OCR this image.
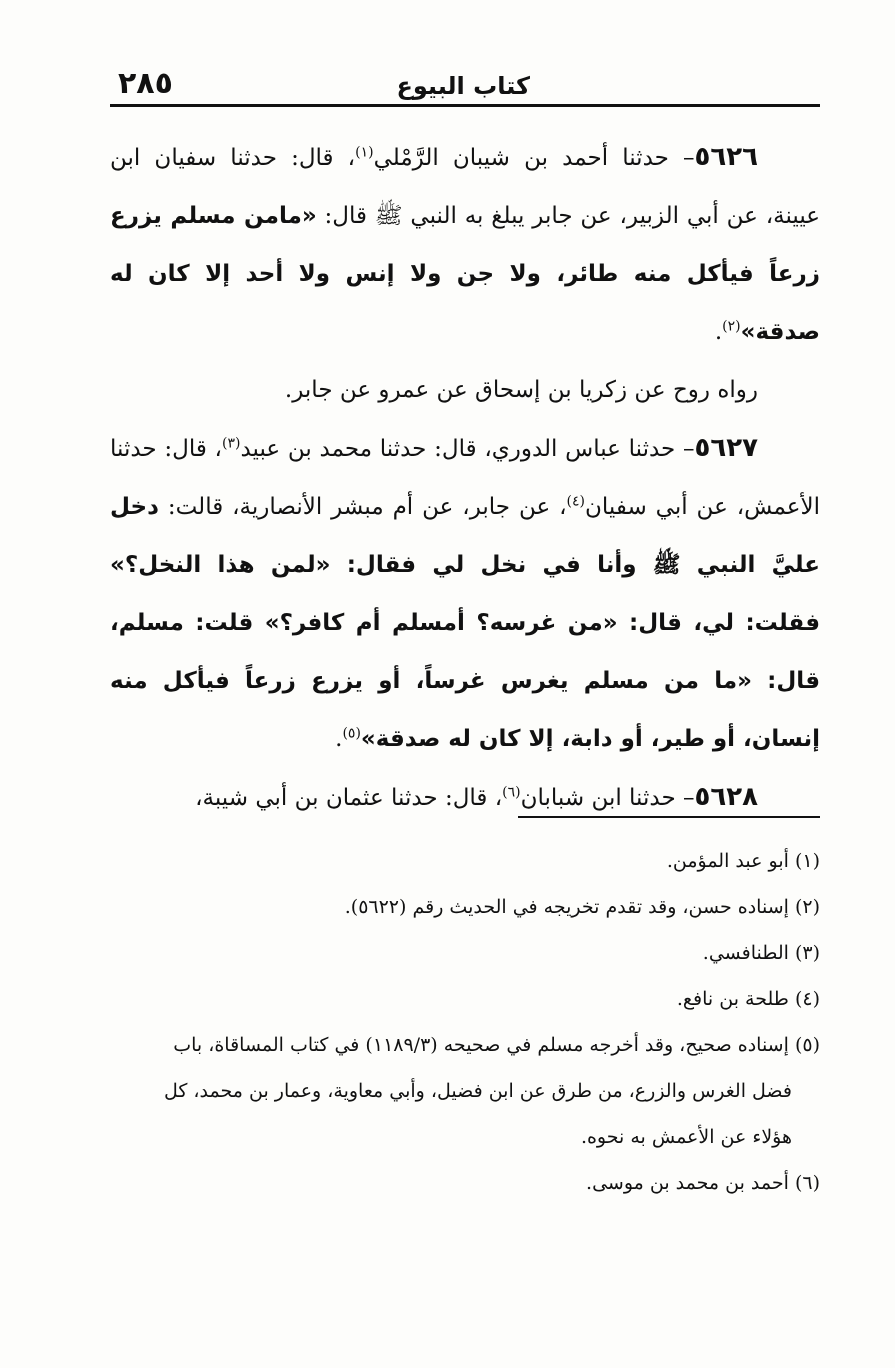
كتاب البيوع
٢٨٥

٥٦٢٦– حدثنا أحمد بن شيبان الرَّمْلي$^{(١)}$، قال: حدثنا سفيان ابن عيينة، عن أبي الزبير، عن جابر يبلغ به النبي ﷺ قال: «مامن مسلم يزرع زرعاً فيأكل منه طائر، ولا جن ولا إنس ولا أحد إلا كان له صدقة»$^{(٢)}$.

رواه روح عن زكريا بن إسحاق عن عمرو عن جابر.

٥٦٢٧– حدثنا عباس الدوري، قال: حدثنا محمد بن عبيد$^{(٣)}$، قال: حدثنا الأعمش، عن أبي سفيان$^{(٤)}$، عن جابر، عن أم مبشر الأنصارية، قالت: دخل عليَّ النبي ﷺ وأنا في نخل لي فقال: «لمن هذا النخل؟» فقلت: لي، قال: «من غرسه؟ أمسلم أم كافر؟» قلت: مسلم، قال: «ما من مسلم يغرس غرساً، أو يزرع زرعاً فيأكل منه إنسان، أو طير، أو دابة، إلا كان له صدقة»$^{(٥)}$.

٥٦٢٨– حدثنا ابن شبابان$^{(٦)}$، قال: حدثنا عثمان بن أبي شيبة،

(١) أبو عبد المؤمن.

(٢) إسناده حسن، وقد تقدم تخريجه في الحديث رقم (٥٦٢٢).

(٣) الطنافسي.

(٤) طلحة بن نافع.

(٥) إسناده صحيح، وقد أخرجه مسلم في صحيحه (١١٨٩/٣) في كتاب المساقاة، باب

فضل الغرس والزرع، من طرق عن ابن فضيل، وأبي معاوية، وعمار بن محمد، كل

هؤلاء عن الأعمش به نحوه.

(٦) أحمد بن محمد بن موسى.
